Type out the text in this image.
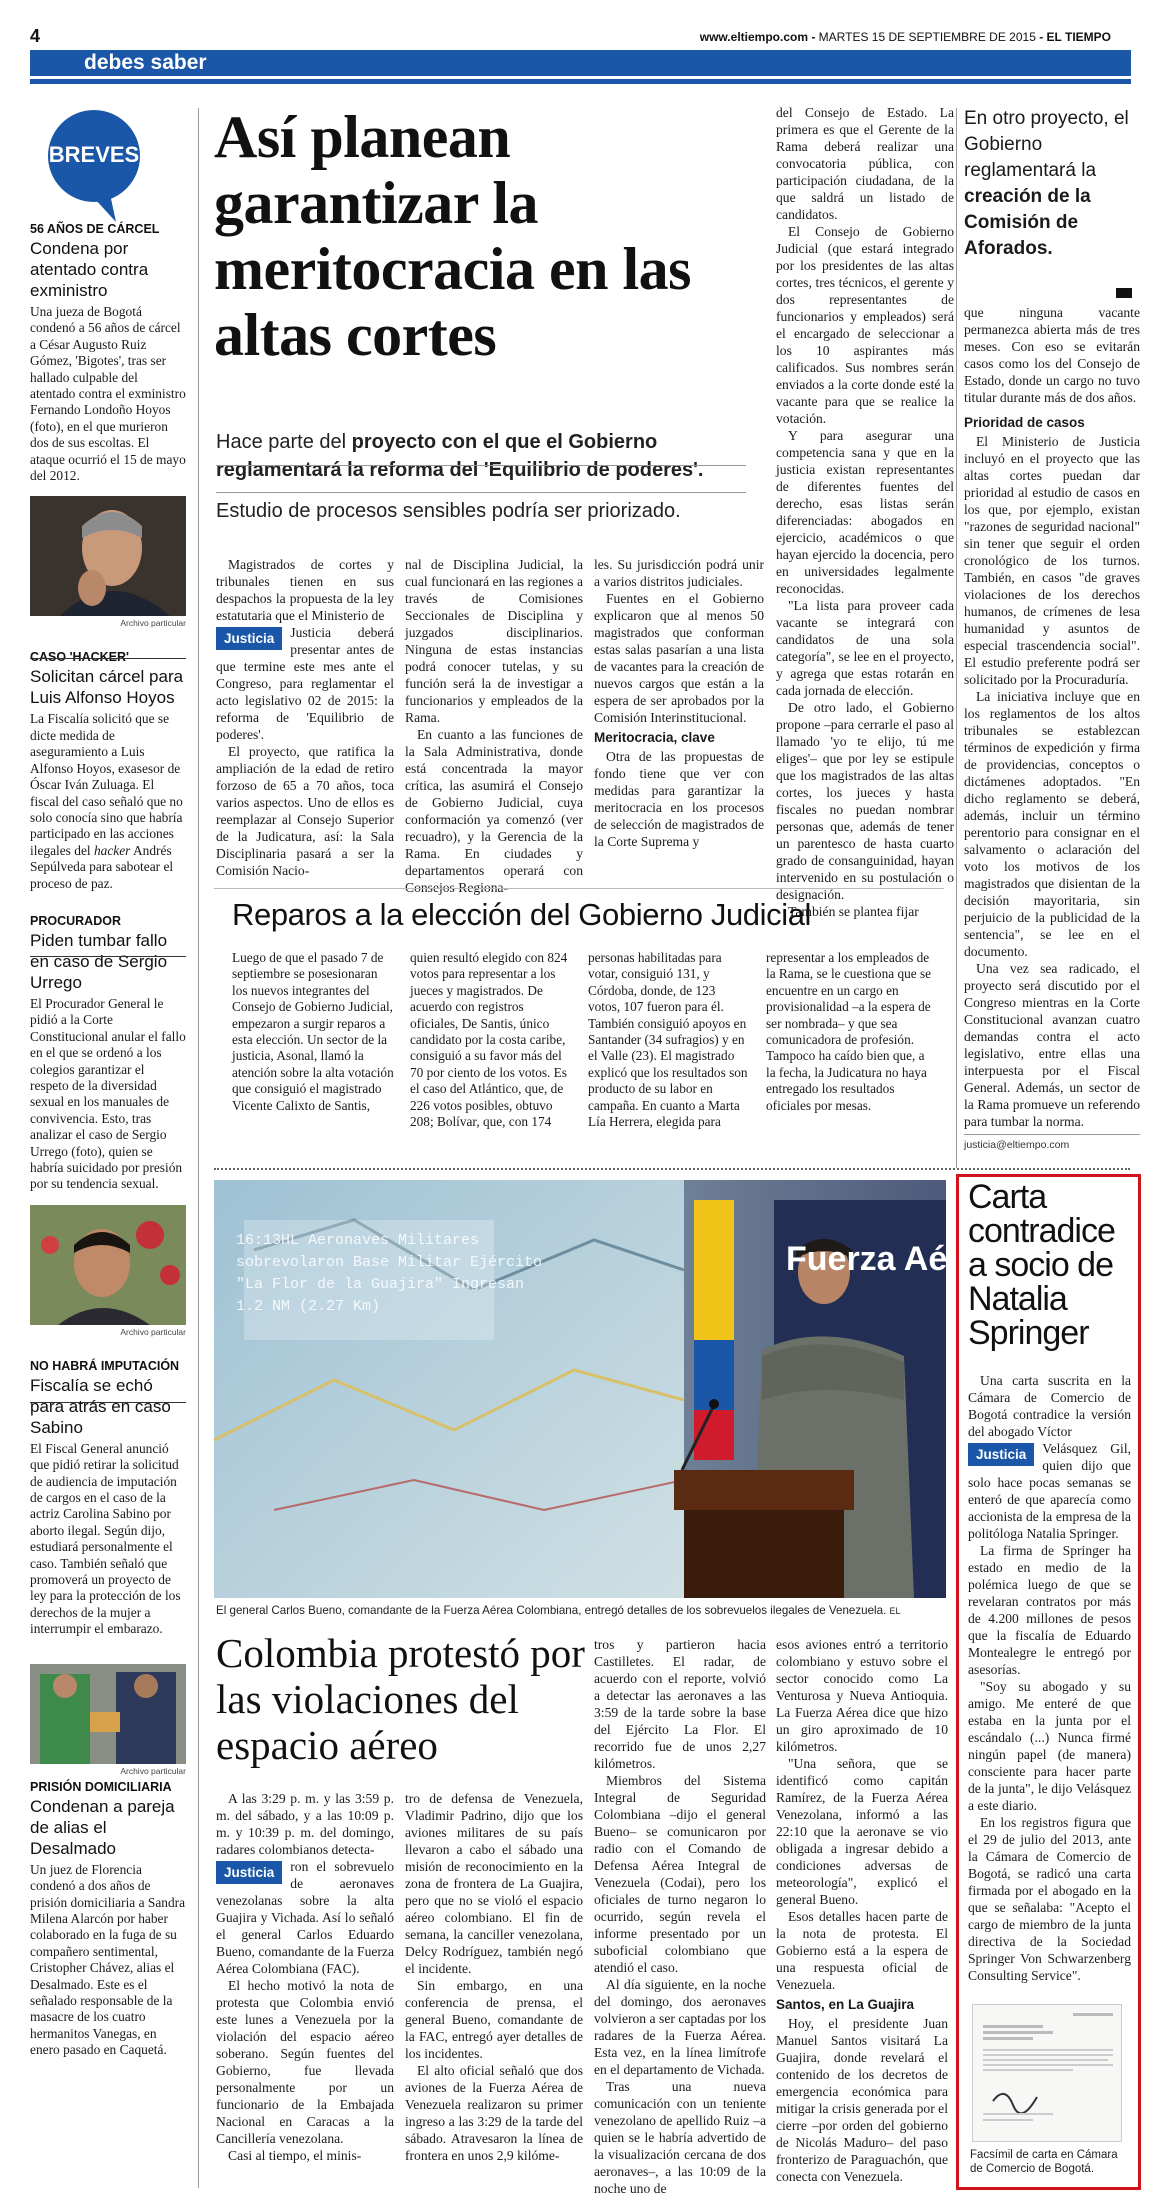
4	www.eltiempo.com - MARTES 15 DE SEPTIEMBRE DE 2015 - EL TIEMPO
debes saber
BREVES
56 AÑOS DE CÁRCEL
Condena por atentado contra exministro
Una jueza de Bogotá condenó a 56 años de cárcel a César Augusto Ruiz Gómez, 'Bigotes', tras ser hallado culpable del atentado contra el exministro Fernando Londoño Hoyos (foto), en el que murieron dos de sus escoltas. El ataque ocurrió el 15 de mayo del 2012.
Archivo particular
CASO 'HACKER'
Solicitan cárcel para Luis Alfonso Hoyos
La Fiscalía solicitó que se dicte medida de aseguramiento a Luis Alfonso Hoyos, exasesor de Óscar Iván Zuluaga. El fiscal del caso señaló que no solo conocía sino que habría participado en las acciones ilegales del hacker Andrés Sepúlveda para sabotear el proceso de paz.
PROCURADOR
Piden tumbar fallo en caso de Sergio Urrego
El Procurador General le pidió a la Corte Constitucional anular el fallo en el que se ordenó a los colegios garantizar el respeto de la diversidad sexual en los manuales de convivencia. Esto, tras analizar el caso de Sergio Urrego (foto), quien se habría suicidado por presión por su tendencia sexual.
Archivo particular
NO HABRÁ IMPUTACIÓN
Fiscalía se echó para atrás en caso Sabino
El Fiscal General anunció que pidió retirar la solicitud de audiencia de imputación de cargos en el caso de la actriz Carolina Sabino por aborto ilegal. Según dijo, estudiará personalmente el caso. También señaló que promoverá un proyecto de ley para la protección de los derechos de la mujer a interrumpir el embarazo.
Archivo particular
PRISIÓN DOMICILIARIA
Condenan a pareja de alias el Desalmado
Un juez de Florencia condenó a dos años de prisión domiciliaria a Sandra Milena Alarcón por haber colaborado en la fuga de su compañero sentimental, Cristopher Chávez, alias el Desalmado. Este es el señalado responsable de la masacre de los cuatro hermanitos Vanegas, en enero pasado en Caquetá.
Así planean garantizar la meritocracia en las altas cortes
Hace parte del proyecto con el que el Gobierno reglamentará la reforma del 'Equilibrio de poderes'.
Estudio de procesos sensibles podría ser priorizado.

Magistrados de cortes y tribunales tienen en sus despachos la propuesta de la ley estatutaria que el Ministerio de

Justicia	Justicia deberá presentar antes de que termine este mes ante el Congreso, para reglamentar el acto legislativo 02 de 2015: la reforma de 'Equilibrio de poderes'.

El proyecto, que ratifica la ampliación de la edad de retiro forzoso de 65 a 70 años, toca varios aspectos. Uno de ellos es reemplazar al Consejo Superior de la Judicatura, así: la Sala Disciplinaria pasará a ser la Comisión Nacio-

nal de Disciplina Judicial, la cual funcionará en las regiones a través de Comisiones Seccionales de Disciplina y juzgados disciplinarios. Ninguna de estas instancias podrá conocer tutelas, y su función será la de investigar a funcionarios y empleados de la Rama.

En cuanto a las funciones de la Sala Administrativa, donde está concentrada la mayor crítica, las asumirá el Consejo de Gobierno Judicial, cuya conformación ya comenzó (ver recuadro), y la Gerencia de la Rama. En ciudades y departamentos operará con Consejos Regiona-

les. Su jurisdicción podrá unir a varios distritos judiciales.

Fuentes en el Gobierno explicaron que al menos 50 magistrados que conforman estas salas pasarían a una lista de vacantes para la creación de nuevos cargos que están a la espera de ser aprobados por la Comisión Interinstitucional.

Meritocracia, clave

Otra de las propuestas de fondo tiene que ver con medidas para garantizar la meritocracia en los procesos de selección de magistrados de la Corte Suprema y

del Consejo de Estado. La primera es que el Gerente de la Rama deberá realizar una convocatoria pública, con participación ciudadana, de la que saldrá un listado de candidatos.

El Consejo de Gobierno Judicial (que estará integrado por los presidentes de las altas cortes, tres técnicos, el gerente y dos representantes de funcionarios y empleados) será el encargado de seleccionar a los 10 aspirantes más calificados. Sus nombres serán enviados a la corte donde esté la vacante para que se realice la votación.

Y para asegurar una competencia sana y que en la justicia existan representantes de diferentes fuentes del derecho, esas listas serán diferenciadas: abogados en ejercicio, académicos o que hayan ejercido la docencia, pero en universidades legalmente reconocidas.

"La lista para proveer cada vacante se integrará con candidatos de una sola categoría", se lee en el proyecto, y agrega que estas rotarán en cada jornada de elección.

De otro lado, el Gobierno propone –para cerrarle el paso al llamado 'yo te elijo, tú me eliges'– que por ley se estipule que los magistrados de las altas cortes, los jueces y hasta fiscales no puedan nombrar personas que, además de tener un parentesco de hasta cuarto grado de consanguinidad, hayan intervenido en su postulación o designación.

También se plantea fijar

En otro proyecto, el Gobierno reglamentará la creación de la Comisión de Aforados.

que ninguna vacante permanezca abierta más de tres meses. Con eso se evitarán casos como los del Consejo de Estado, donde un cargo no tuvo titular durante más de dos años.

Prioridad de casos

El Ministerio de Justicia incluyó en el proyecto que las altas cortes puedan dar prioridad al estudio de casos en los que, por ejemplo, existan "razones de seguridad nacional" sin tener que seguir el orden cronológico de los turnos. También, en casos "de graves violaciones de los derechos humanos, de crímenes de lesa humanidad y asuntos de especial trascendencia social". El estudio preferente podrá ser solicitado por la Procuraduría.

La iniciativa incluye que en los reglamentos de los altos tribunales se establezcan términos de expedición y firma de providencias, conceptos o dictámenes adoptados. "En dicho reglamento se deberá, además, incluir un término perentorio para consignar en el salvamento o aclaración del voto los motivos de los magistrados que disientan de la decisión mayoritaria, sin perjuicio de la publicidad de la sentencia", se lee en el documento.

Una vez sea radicado, el proyecto será discutido por el Congreso mientras en la Corte Constitucional avanzan cuatro demandas contra el acto legislativo, entre ellas una interpuesta por el Fiscal General. Además, un sector de la Rama promueve un referendo para tumbar la norma.

justicia@eltiempo.com
Reparos a la elección del Gobierno Judicial
Luego de que el pasado 7 de septiembre se posesionaran los nuevos integrantes del Consejo de Gobierno Judicial, empezaron a surgir reparos a esta elección. Un sector de la justicia, Asonal, llamó la atención sobre la alta votación que consiguió el magistrado Vicente Calixto de Santis,
quien resultó elegido con 824 votos para representar a los jueces y magistrados. De acuerdo con registros oficiales, De Santis, único candidato por la costa caribe, consiguió a su favor más del 70 por ciento de los votos. Es el caso del Atlántico, que, de 226 votos posibles, obtuvo 208; Bolívar, que, con 174
personas habilitadas para votar, consiguió 131, y Córdoba, donde, de 123 votos, 107 fueron para él. También consiguió apoyos en Santander (34 sufragios) y en el Valle (23). El magistrado explicó que los resultados son producto de su labor en campaña. En cuanto a Marta Lía Herrera, elegida para
representar a los empleados de la Rama, se le cuestiona que se encuentre en un cargo en provisionalidad –a la espera de ser nombrada– y que sea comunicadora de profesión. Tampoco ha caído bien que, a la fecha, la Judicatura no haya entregado los resultados oficiales por mesas.
16:13HL Aeronaves Militares
sobrevolaron Base Militar Ejército
"La Flor de la Guajira" Ingresan
1.2 NM (2.27 Km)
Fuerza Aérea
El general Carlos Bueno, comandante de la Fuerza Aérea Colombiana, entregó detalles de los sobrevuelos ilegales de Venezuela. EL
Colombia protestó por las violaciones del espacio aéreo

A las 3:29 p. m. y las 3:59 p. m. del sábado, y a las 10:09 p. m. y 10:39 p. m. del domingo, radares colombianos detecta-

Justicia	ron el sobrevuelo de aeronaves venezolanas sobre la alta Guajira y Vichada. Así lo señaló el general Carlos Eduardo Bueno, comandante de la Fuerza Aérea Colombiana (FAC).

El hecho motivó la nota de protesta que Colombia envió este lunes a Venezuela por la violación del espacio aéreo soberano. Según fuentes del Gobierno, fue llevada personalmente por un funcionario de la Embajada Nacional en Caracas a la Cancillería venezolana.

Casi al tiempo, el minis-

tro de defensa de Venezuela, Vladimir Padrino, dijo que los aviones militares de su país llevaron a cabo el sábado una misión de reconocimiento en la zona de frontera de La Guajira, pero que no se violó el espacio aéreo colombiano. El fin de semana, la canciller venezolana, Delcy Rodríguez, también negó el incidente.

Sin embargo, en una conferencia de prensa, el general Bueno, comandante de la FAC, entregó ayer detalles de los incidentes.

El alto oficial señaló que dos aviones de la Fuerza Aérea de Venezuela realizaron su primer ingreso a las 3:29 de la tarde del sábado. Atravesaron la línea de frontera en unos 2,9 kilóme-

tros y partieron hacia Castilletes. El radar, de acuerdo con el reporte, volvió a detectar las aeronaves a las 3:59 de la tarde sobre la base del Ejército La Flor. El recorrido fue de unos 2,27 kilómetros.

Miembros del Sistema Integral de Seguridad Colombiana –dijo el general Bueno– se comunicaron por radio con el Comando de Defensa Aérea Integral de Venezuela (Codai), pero los oficiales de turno negaron lo ocurrido, según revela el informe presentado por un suboficial colombiano que atendió el caso.

Al día siguiente, en la noche del domingo, dos aeronaves volvieron a ser captadas por los radares de la Fuerza Aérea. Esta vez, en la línea limítrofe en el departamento de Vichada.

Tras una nueva comunicación con un teniente venezolano de apellido Ruiz –a quien se le habría advertido de la visualización cercana de dos aeronaves–, a las 10:09 de la noche uno de

esos aviones entró a territorio colombiano y estuvo sobre el sector conocido como La Venturosa y Nueva Antioquia. La Fuerza Aérea dice que hizo un giro aproximado de 10 kilómetros.

"Una señora, que se identificó como capitán Ramírez, de la Fuerza Aérea Venezolana, informó a las 22:10 que la aeronave se vio obligada a ingresar debido a condiciones adversas de meteorología", explicó el general Bueno.

Esos detalles hacen parte de la nota de protesta. El Gobierno está a la espera de una respuesta oficial de Venezuela.

Santos, en La Guajira

Hoy, el presidente Juan Manuel Santos visitará La Guajira, donde revelará el contenido de los decretos de emergencia económica para mitigar la crisis generada por el cierre –por orden del gobierno de Nicolás Maduro– del paso fronterizo de Paraguachón, que conecta con Venezuela.

Carta contradice a socio de Natalia Springer

Una carta suscrita en la Cámara de Comercio de Bogotá contradice la versión del abogado Víctor

Justicia	Velásquez Gil, quien dijo que solo hace pocas semanas se enteró de que aparecía como accionista de la empresa de la politóloga Natalia Springer.

La firma de Springer ha estado en medio de la polémica luego de que se revelaran contratos por más de 4.200 millones de pesos que la fiscalía de Eduardo Montealegre le entregó por asesorías.

"Soy su abogado y su amigo. Me enteré de que estaba en la junta por el escándalo (...) Nunca firmé ningún papel (de manera) consciente para hacer parte de la junta", le dijo Velásquez a este diario.

En los registros figura que el 29 de julio del 2013, ante la Cámara de Comercio de Bogotá, se radicó una carta firmada por el abogado en la que se señalaba: "Acepto el cargo de miembro de la junta directiva de la Sociedad Springer Von Schwarzenberg Consulting Service".

Facsímil de carta en Cámara de Comercio de Bogotá.
